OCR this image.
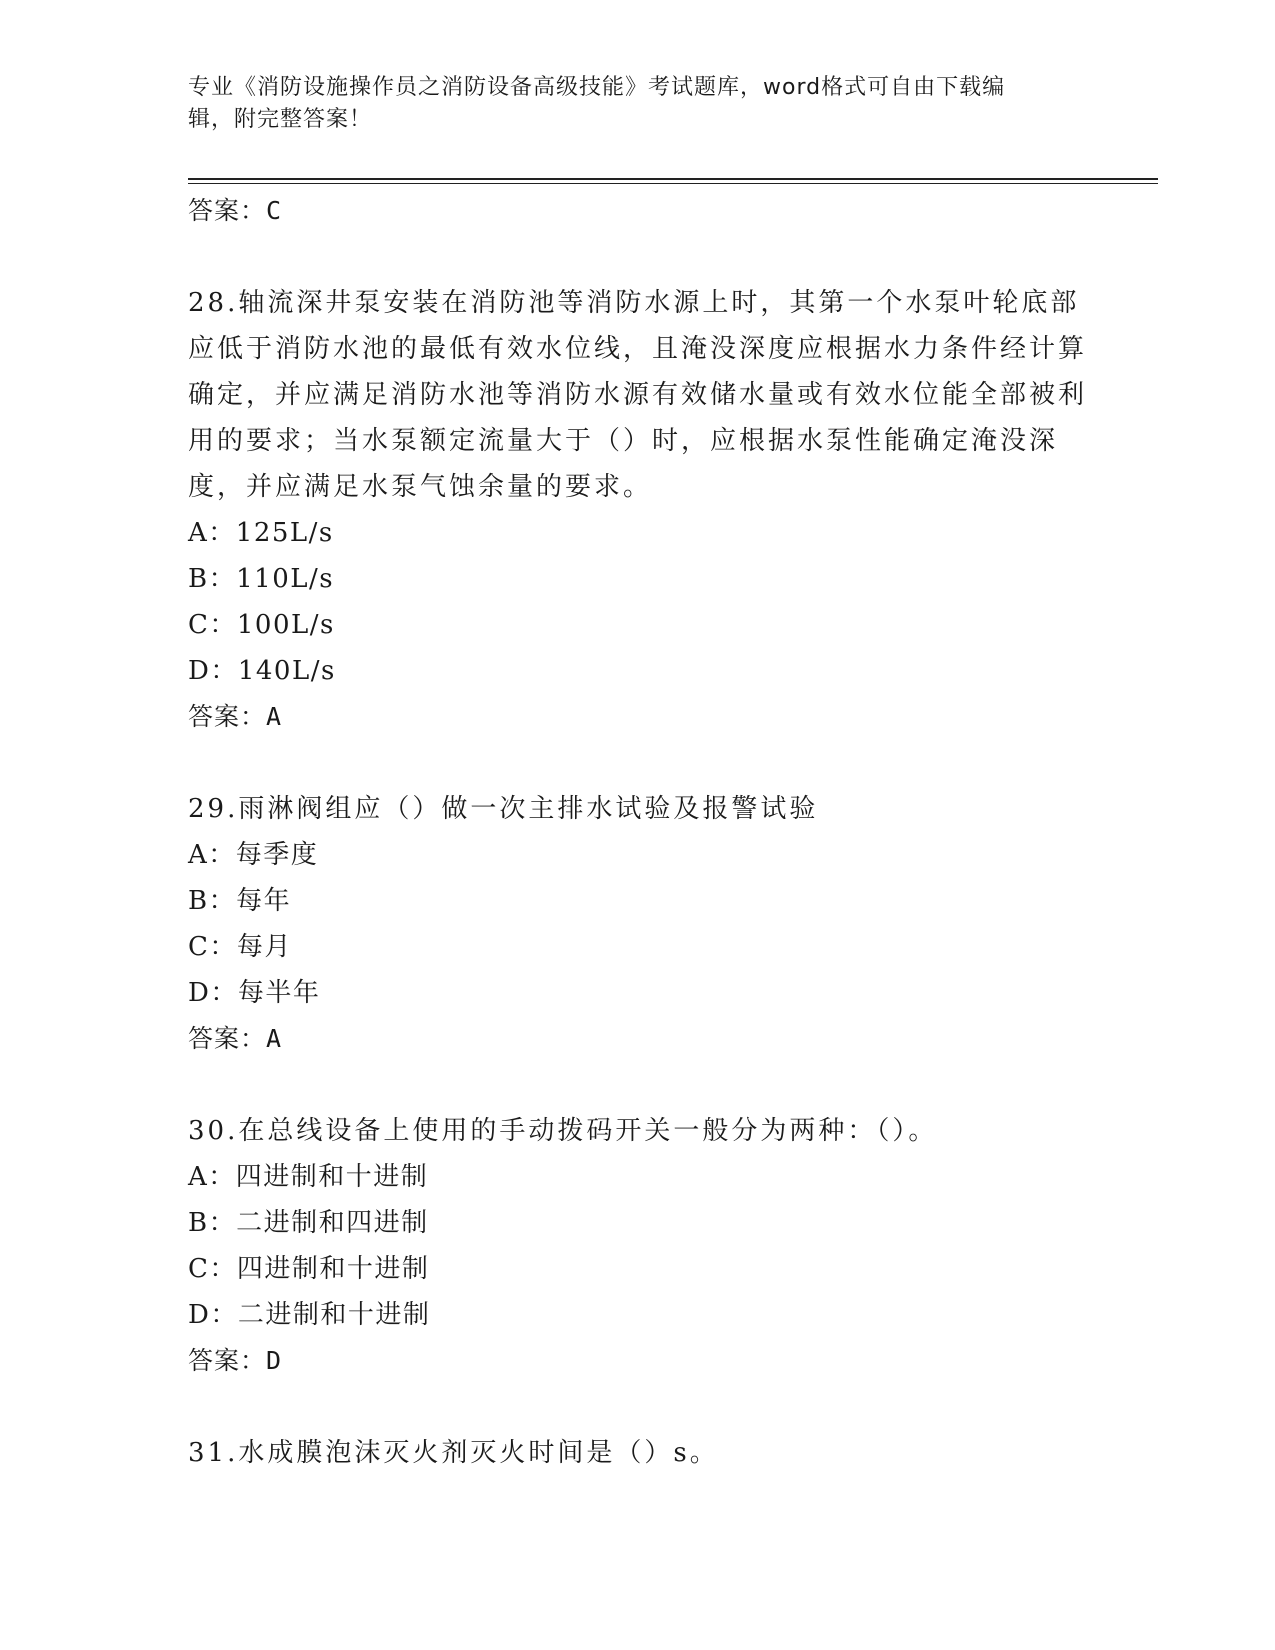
专业《消防设施操作员之消防设备高级技能》考试题库，word格式可自由下载编
辑，附完整答案！

答案：C

28.轴流深井泵安装在消防池等消防水源上时，其第一个水泵叶轮底部应低于消防水池的最低有效水位线，且淹没深度应根据水力条件经计算确定，并应满足消防水池等消防水源有效储水量或有效水位能全部被利用的要求；当水泵额定流量大于（）时，应根据水泵性能确定淹没深度，并应满足水泵气蚀余量的要求。

A：125L/s

B：110L/s

C：100L/s

D：140L/s

答案：A

29.雨淋阀组应（）做一次主排水试验及报警试验

A：每季度

B：每年

C：每月

D：每半年

答案：A

30.在总线设备上使用的手动拨码开关一般分为两种：（）。

A：四进制和十进制

B：二进制和四进制

C：四进制和十进制

D：二进制和十进制

答案：D

31.水成膜泡沫灭火剂灭火时间是（）s。
